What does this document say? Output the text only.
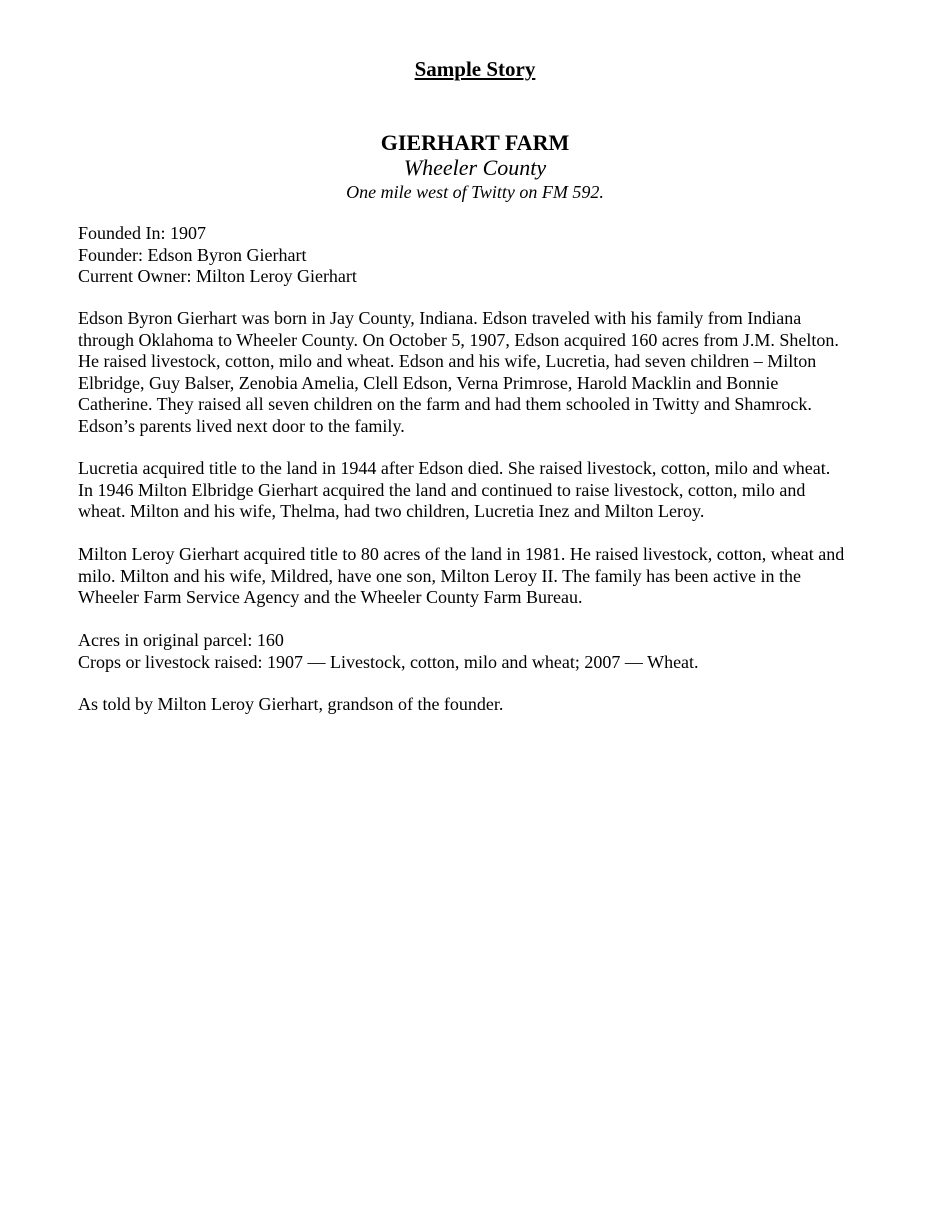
Sample Story
GIERHART FARM
Wheeler County
One mile west of Twitty on FM 592.
Founded In: 1907
Founder: Edson Byron Gierhart
Current Owner: Milton Leroy Gierhart
Edson Byron Gierhart was born in Jay County, Indiana. Edson traveled with his family from Indiana
through Oklahoma to Wheeler County. On October 5, 1907, Edson acquired 160 acres from J.M. Shelton.
He raised livestock, cotton, milo and wheat. Edson and his wife, Lucretia, had seven children – Milton
Elbridge, Guy Balser, Zenobia Amelia, Clell Edson, Verna Primrose, Harold Macklin and Bonnie
Catherine. They raised all seven children on the farm and had them schooled in Twitty and Shamrock.
Edson’s parents lived next door to the family.
Lucretia acquired title to the land in 1944 after Edson died. She raised livestock, cotton, milo and wheat.
In 1946 Milton Elbridge Gierhart acquired the land and continued to raise livestock, cotton, milo and
wheat. Milton and his wife, Thelma, had two children, Lucretia Inez and Milton Leroy.
Milton Leroy Gierhart acquired title to 80 acres of the land in 1981. He raised livestock, cotton, wheat and
milo. Milton and his wife, Mildred, have one son, Milton Leroy II. The family has been active in the
Wheeler Farm Service Agency and the Wheeler County Farm Bureau.
Acres in original parcel: 160
Crops or livestock raised: 1907 — Livestock, cotton, milo and wheat; 2007 — Wheat.
As told by Milton Leroy Gierhart, grandson of the founder.
